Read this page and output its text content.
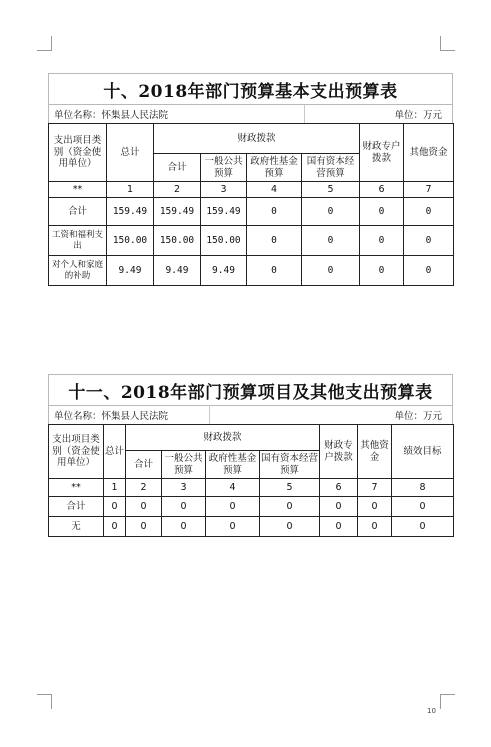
十、2018年部门预算基本支出预算表
单位名称：怀集县人民法院	单位：万元
支出项目类别（资金使用单位）	总计	财政拨款				财政专户拨款	其他资金
		合计	一般公共预算	政府性基金预算	国有资本经营预算		
**	1	2	3	4	5	6	7
合计	159.49	159.49	159.49	0	0	0	0
工资和福利支出	150.00	150.00	150.00	0	0	0	0
对个人和家庭的补助	9.49	9.49	9.49	0	0	0	0
十一、2018年部门预算项目及其他支出预算表
单位名称：怀集县人民法院	单位：万元
支出项目类别（资金使用单位）	总计	财政拨款				财政专户拨款	其他资金	绩效目标
		合计	一般公共预算	政府性基金预算	国有资本经营预算			
**	1	2	3	4	5	6	7	8
合计	0	0	0	0	0	0	0	0
无	0	0	0	0	0	0	0	0
10
